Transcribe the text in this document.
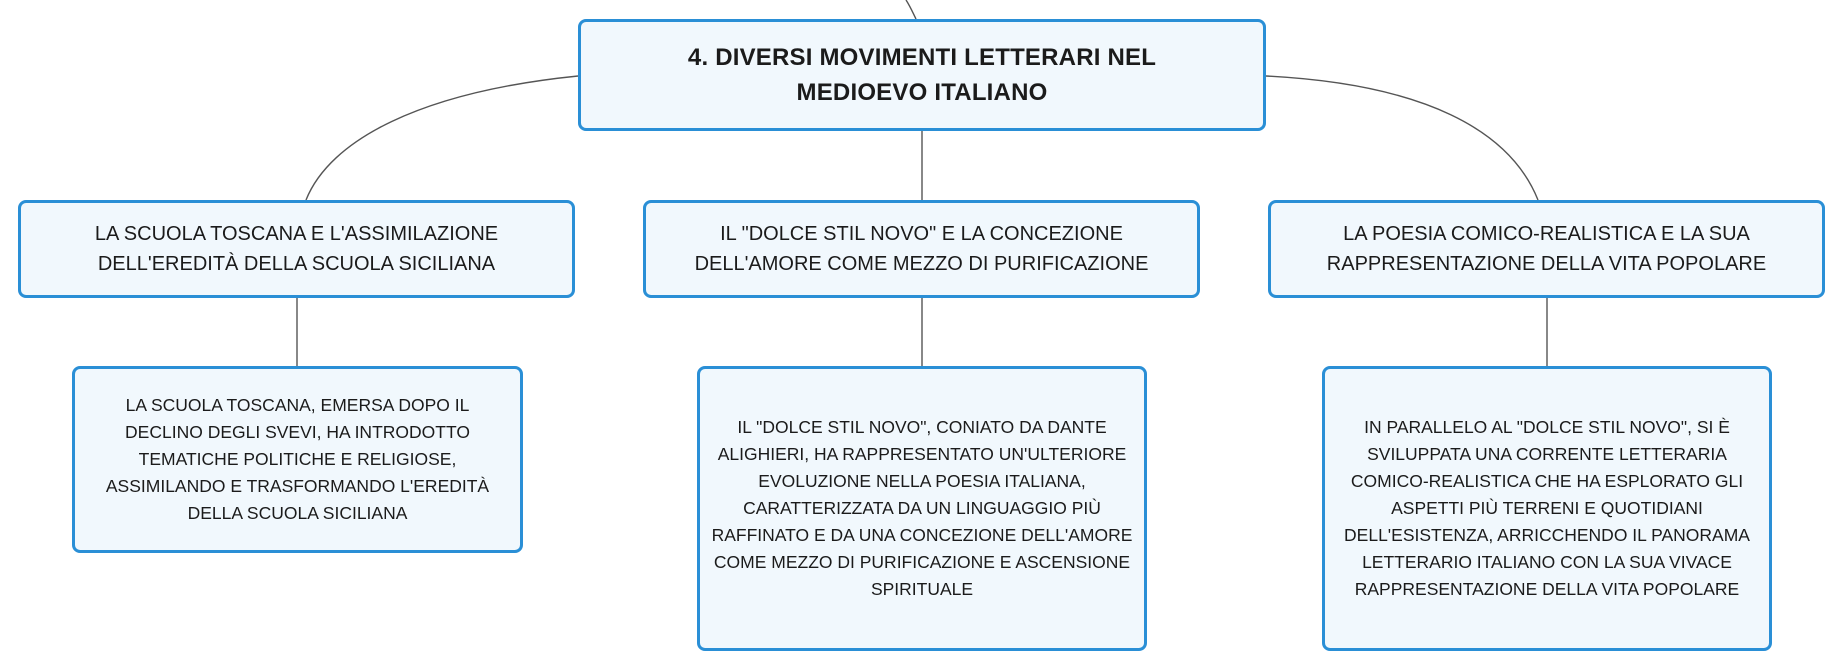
4. DIVERSI MOVIMENTI LETTERARI NEL MEDIOEVO ITALIANO
LA SCUOLA TOSCANA E L'ASSIMILAZIONE DELL'EREDITÀ DELLA SCUOLA SICILIANA
IL "DOLCE STIL NOVO" E LA CONCEZIONE DELL'AMORE COME MEZZO DI PURIFICAZIONE
LA POESIA COMICO-REALISTICA E LA SUA RAPPRESENTAZIONE DELLA VITA POPOLARE
LA SCUOLA TOSCANA, EMERSA DOPO IL DECLINO DEGLI SVEVI, HA INTRODOTTO TEMATICHE POLITICHE E RELIGIOSE, ASSIMILANDO E TRASFORMANDO L'EREDITÀ DELLA SCUOLA SICILIANA
IL "DOLCE STIL NOVO", CONIATO DA DANTE ALIGHIERI, HA RAPPRESENTATO UN'ULTERIORE EVOLUZIONE NELLA POESIA ITALIANA, CARATTERIZZATA DA UN LINGUAGGIO PIÙ RAFFINATO E DA UNA CONCEZIONE DELL'AMORE COME MEZZO DI PURIFICAZIONE E ASCENSIONE SPIRITUALE
IN PARALLELO AL "DOLCE STIL NOVO", SI È SVILUPPATA UNA CORRENTE LETTERARIA COMICO-REALISTICA CHE HA ESPLORATO GLI ASPETTI PIÙ TERRENI E QUOTIDIANI DELL'ESISTENZA, ARRICCHENDO IL PANORAMA LETTERARIO ITALIANO CON LA SUA VIVACE RAPPRESENTAZIONE DELLA VITA POPOLARE
